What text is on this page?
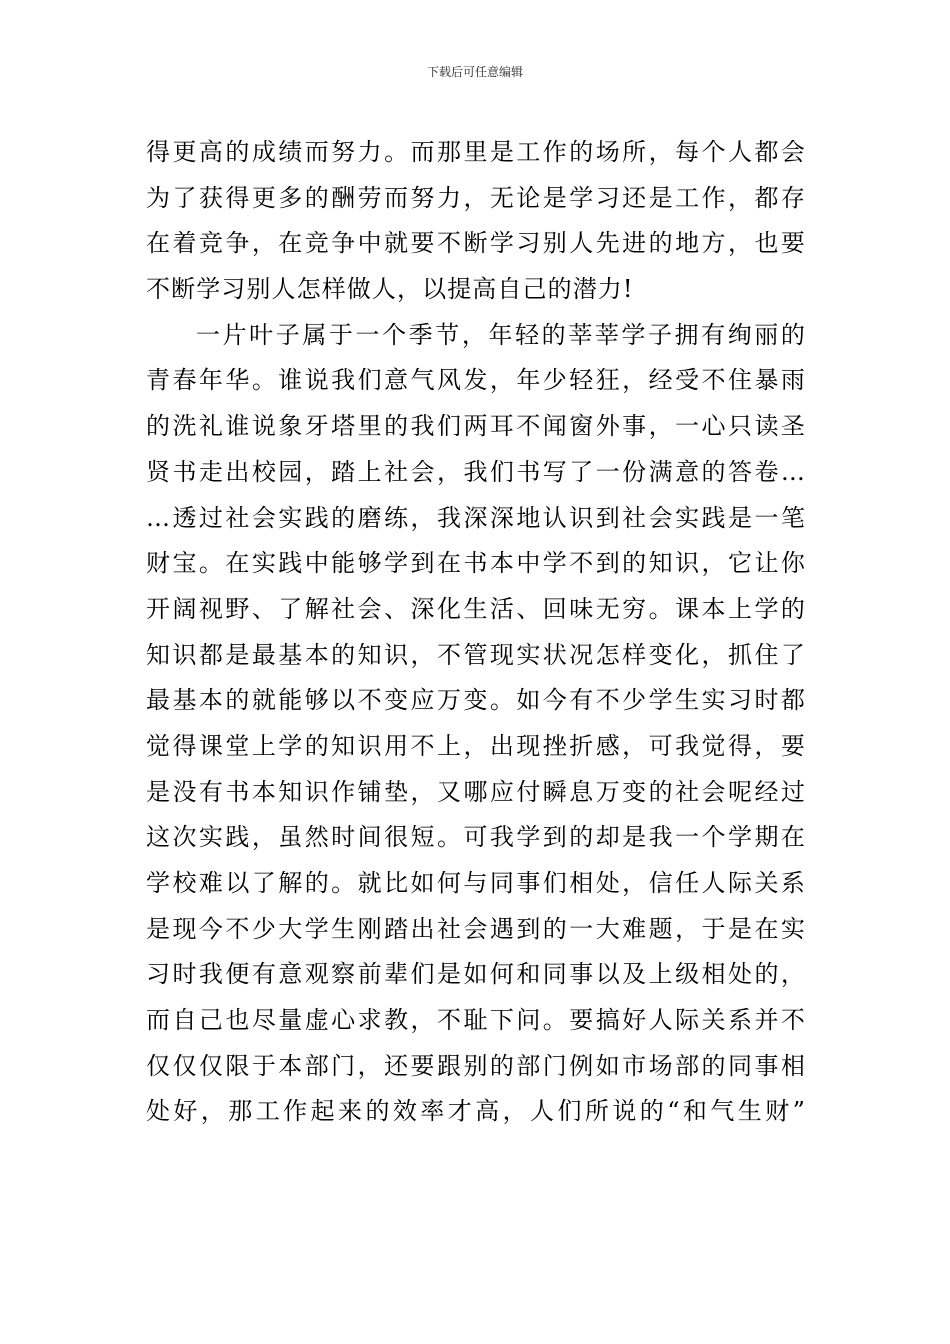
下载后可任意编辑
得更高的成绩而努力。而那里是工作的场所，每个人都会
为了获得更多的酬劳而努力，无论是学习还是工作，都存
在着竞争，在竞争中就要不断学习别人先进的地方，也要
不断学习别人怎样做人，以提高自己的潜力!
一片叶子属于一个季节，年轻的莘莘学子拥有绚丽的
青春年华。谁说我们意气风发，年少轻狂，经受不住暴雨
的洗礼谁说象牙塔里的我们两耳不闻窗外事，一心只读圣
贤书走出校园，踏上社会，我们书写了一份满意的答卷…
…透过社会实践的磨练，我深深地认识到社会实践是一笔
财宝。在实践中能够学到在书本中学不到的知识，它让你
开阔视野、了解社会、深化生活、回味无穷。课本上学的
知识都是最基本的知识，不管现实状况怎样变化，抓住了
最基本的就能够以不变应万变。如今有不少学生实习时都
觉得课堂上学的知识用不上，出现挫折感，可我觉得，要
是没有书本知识作铺垫，又哪应付瞬息万变的社会呢经过
这次实践，虽然时间很短。可我学到的却是我一个学期在
学校难以了解的。就比如何与同事们相处，信任人际关系
是现今不少大学生刚踏出社会遇到的一大难题，于是在实
习时我便有意观察前辈们是如何和同事以及上级相处的，
而自己也尽量虚心求教，不耻下问。要搞好人际关系并不
仅仅仅限于本部门，还要跟别的部门例如市场部的同事相
处好，那工作起来的效率才高，人们所说的“和气生财”
